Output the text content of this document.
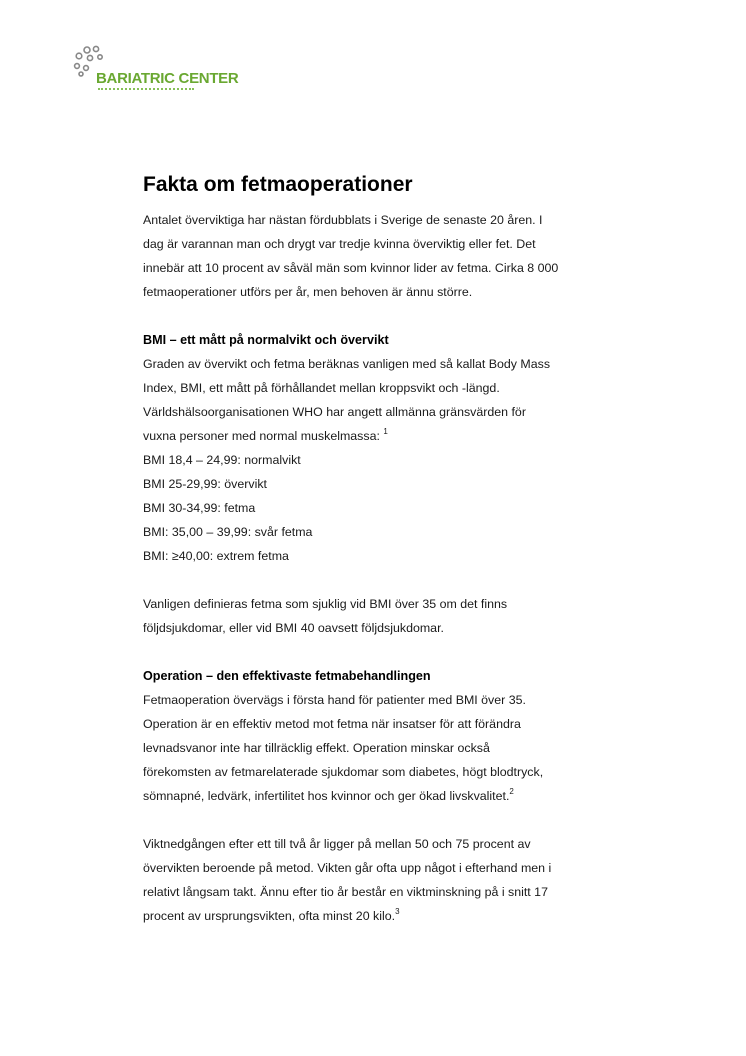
BARIATRIC CENTER
Fakta om fetmaoperationer

Antalet överviktiga har nästan fördubblats i Sverige de senaste 20 åren. I

dag är varannan man och drygt var tredje kvinna överviktig eller fet. Det

innebär att 10 procent av såväl män som kvinnor lider av fetma. Cirka 8 000

fetmaoperationer utförs per år, men behoven är ännu större.

BMI – ett mått på normalvikt och övervikt

Graden av övervikt och fetma beräknas vanligen med så kallat Body Mass

Index, BMI, ett mått på förhållandet mellan kroppsvikt och -längd.

Världshälsoorganisationen WHO har angett allmänna gränsvärden för

vuxna personer med normal muskelmassa: $^1$

BMI 18,4 – 24,99: normalvikt

BMI 25-29,99: övervikt

BMI 30-34,99: fetma

BMI: 35,00 – 39,99: svår fetma

BMI: ≥40,00: extrem fetma

Vanligen definieras fetma som sjuklig vid BMI över 35 om det finns

följdsjukdomar, eller vid BMI 40 oavsett följdsjukdomar.

Operation – den effektivaste fetmabehandlingen

Fetmaoperation övervägs i första hand för patienter med BMI över 35.

Operation är en effektiv metod mot fetma när insatser för att förändra

levnadsvanor inte har tillräcklig effekt. Operation minskar också

förekomsten av fetmarelaterade sjukdomar som diabetes, högt blodtryck,

sömnapné, ledvärk, infertilitet hos kvinnor och ger ökad livskvalitet.$^2$

Viktnedgången efter ett till två år ligger på mellan 50 och 75 procent av

övervikten beroende på metod. Vikten går ofta upp något i efterhand men i

relativt långsam takt. Ännu efter tio år består en viktminskning på i snitt 17

procent av ursprungsvikten, ofta minst 20 kilo.$^3$
